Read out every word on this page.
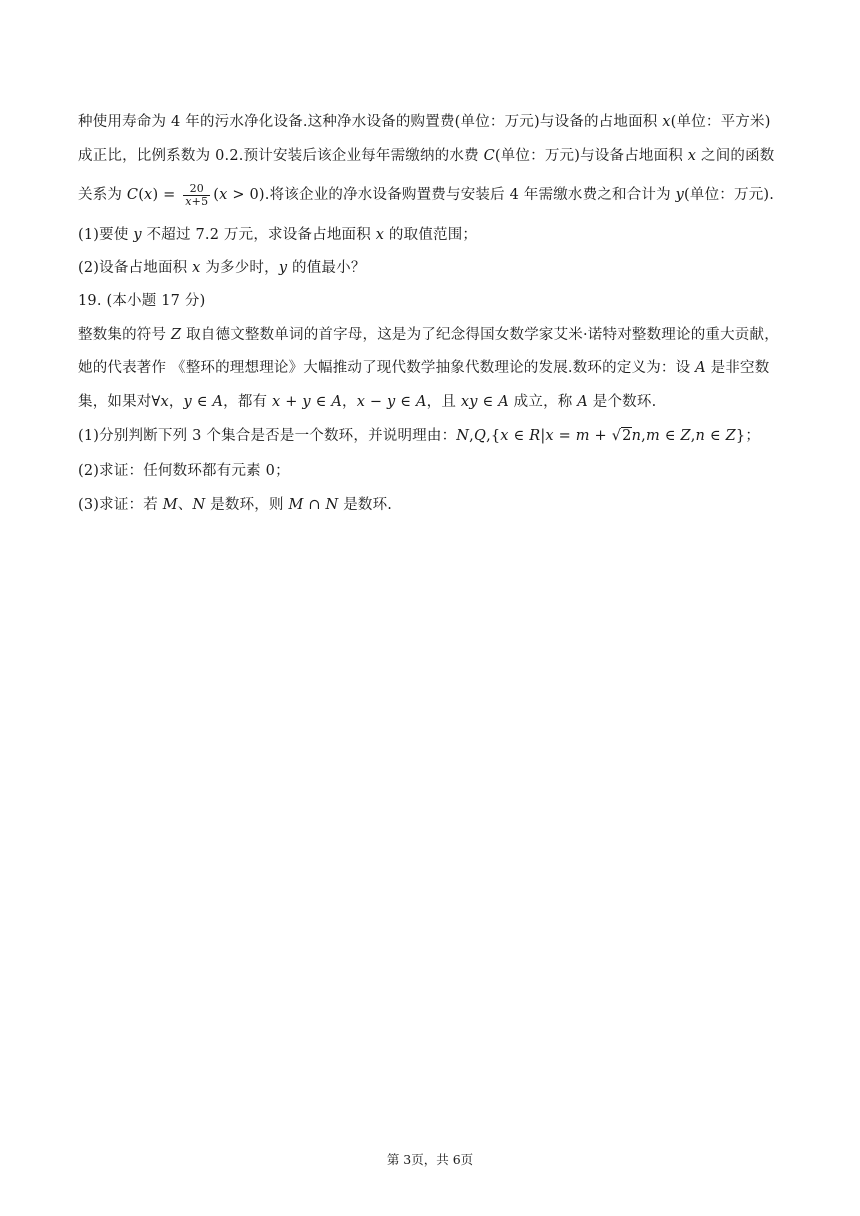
种使用寿命为 4 年的污水净化设备.这种净水设备的购置费(单位：万元)与设备的占地面积 𝑥(单位：平方米)
成正比，比例系数为 0.2.预计安装后该企业每年需缴纳的水费 𝐶(单位：万元)与设备占地面积 𝑥 之间的函数
关系为 𝐶(𝑥) = $\frac{20}{\text{𝑥+5}}$ (𝑥 > 0).将该企业的净水设备购置费与安装后 4 年需缴水费之和合计为 𝑦(单位：万元).
(1)要使 𝑦 不超过 7.2 万元，求设备占地面积 𝑥 的取值范围；
(2)设备占地面积 𝑥 为多少时，𝑦 的值最小？
19. (本小题 17 分)
整数集的符号 𝑍 取自德文整数单词的首字母，这是为了纪念得国女数学家艾米·诺特对整数理论的重大贡献，
她的代表著作 《整环的理想理论》大幅推动了现代数学抽象代数理论的发展.数环的定义为：设 𝐴 是非空数
集，如果对∀𝑥，𝑦 ∈ 𝐴，都有 𝑥 + 𝑦 ∈ 𝐴，𝑥 − 𝑦 ∈ 𝐴，且 𝑥𝑦 ∈ 𝐴 成立，称 𝐴 是个数环.
(1)分别判断下列 3 个集合是否是一个数环，并说明理由：𝑁,𝑄,{𝑥 ∈ 𝑅|𝑥 = 𝑚 + √2𝑛,𝑚 ∈ 𝑍,𝑛 ∈ 𝑍}；
(2)求证：任何数环都有元素 0；
(3)求证：若 𝑀、𝑁 是数环，则 𝑀 ∩ 𝑁 是数环.
第 3页，共 6页
